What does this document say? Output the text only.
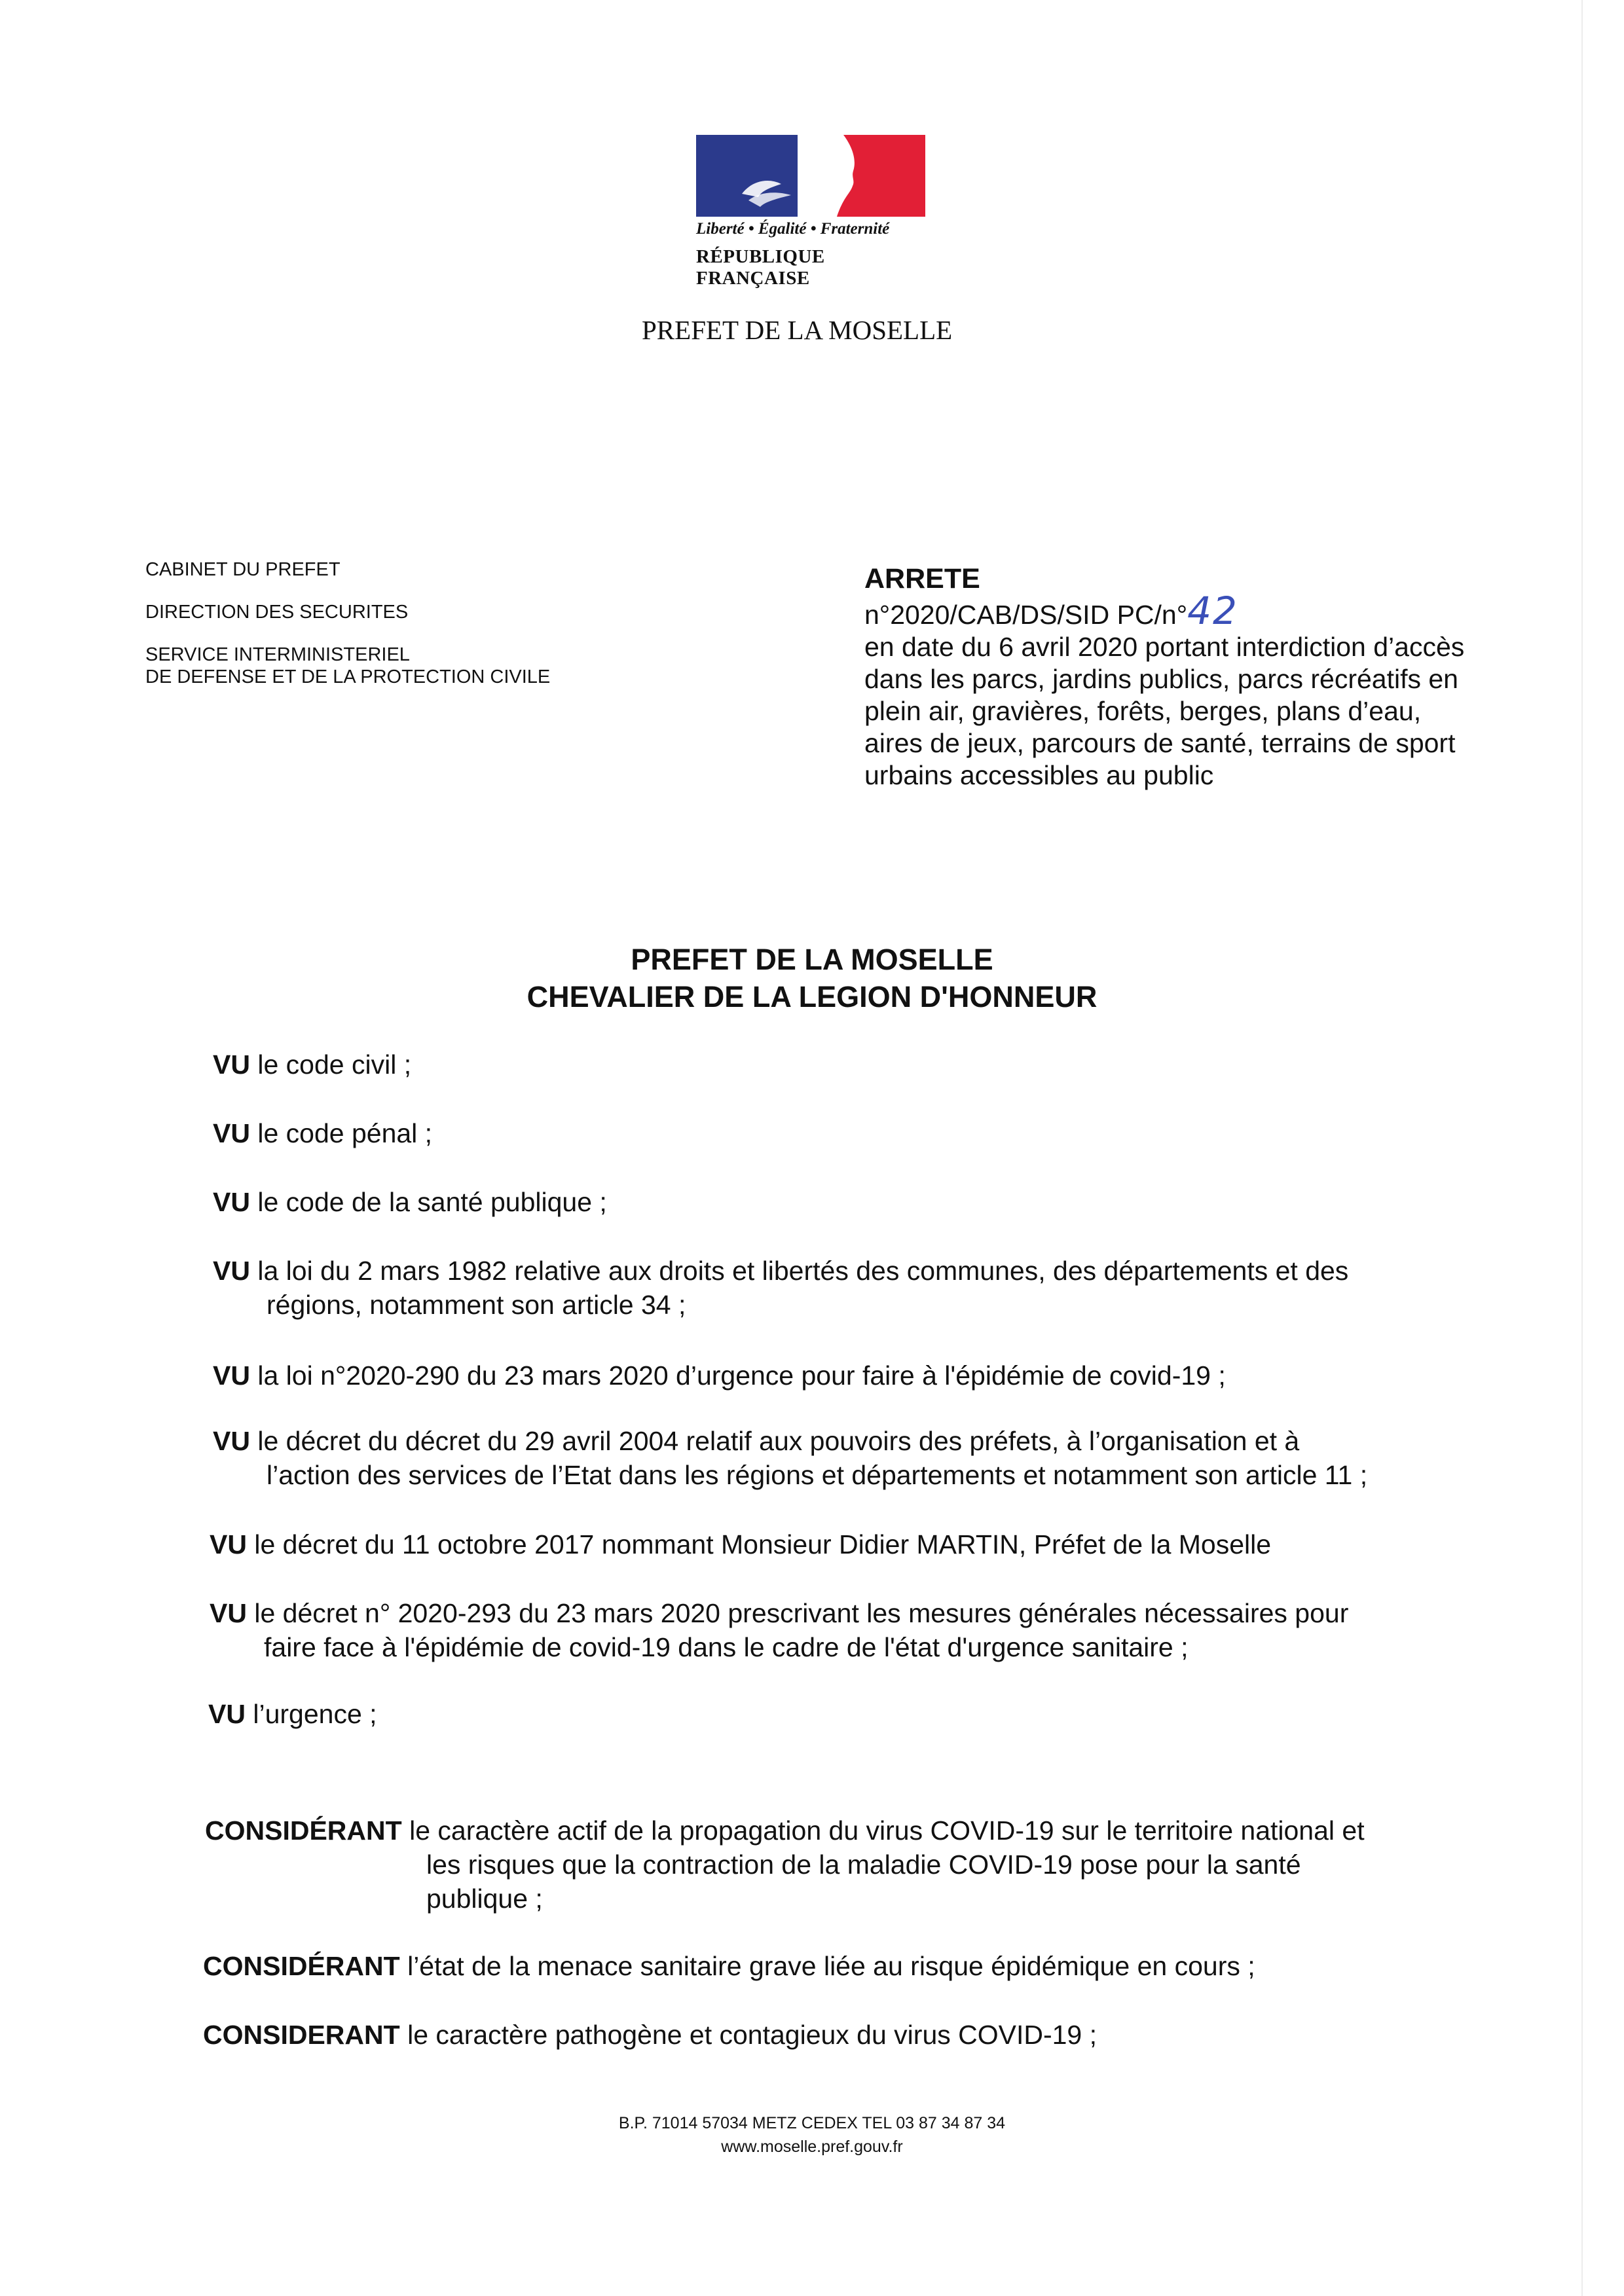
Liberté • Égalité • Fraternité
RÉPUBLIQUE FRANÇAISE
PREFET DE LA MOSELLE
CABINET DU PREFET
DIRECTION DES SECURITES
SERVICE INTERMINISTERIEL
DE DEFENSE ET DE LA PROTECTION CIVILE
ARRETE
n°2020/CAB/DS/SID PC/n°42
en date du 6 avril 2020 portant interdiction d’accès
dans les parcs, jardins publics, parcs récréatifs en
plein air, gravières, forêts, berges, plans d’eau,
aires de jeux, parcours de santé, terrains de sport
urbains accessibles au public
PREFET DE LA MOSELLE
CHEVALIER DE LA LEGION D'HONNEUR
VU le code civil ;
VU le code pénal ;
VU le code de la santé publique ;
VU la loi du 2 mars 1982 relative aux droits et libertés des communes, des départements et des
régions, notamment son article 34 ;
VU la loi n°2020-290 du 23 mars 2020 d’urgence pour faire à l'épidémie de covid-19 ;
VU le décret du décret du 29 avril 2004 relatif aux pouvoirs des préfets, à l’organisation et à
l’action des services de l’Etat dans les régions et départements et notamment son article 11 ;
VU le décret du 11 octobre 2017 nommant Monsieur Didier MARTIN, Préfet de la Moselle
VU le décret n° 2020-293 du 23 mars 2020 prescrivant les mesures générales nécessaires pour
faire face à l'épidémie de covid-19 dans le cadre de l'état d'urgence sanitaire ;
VU l’urgence ;
CONSIDÉRANT le caractère actif de la propagation du virus COVID-19 sur le territoire national et
les risques que la contraction de la maladie COVID-19 pose pour la santé
publique ;
CONSIDÉRANT l’état de la menace sanitaire grave liée au risque épidémique en cours ;
CONSIDERANT le caractère pathogène et contagieux du virus COVID-19 ;
B.P. 71014 57034 METZ CEDEX TEL 03 87 34 87 34
www.moselle.pref.gouv.fr
